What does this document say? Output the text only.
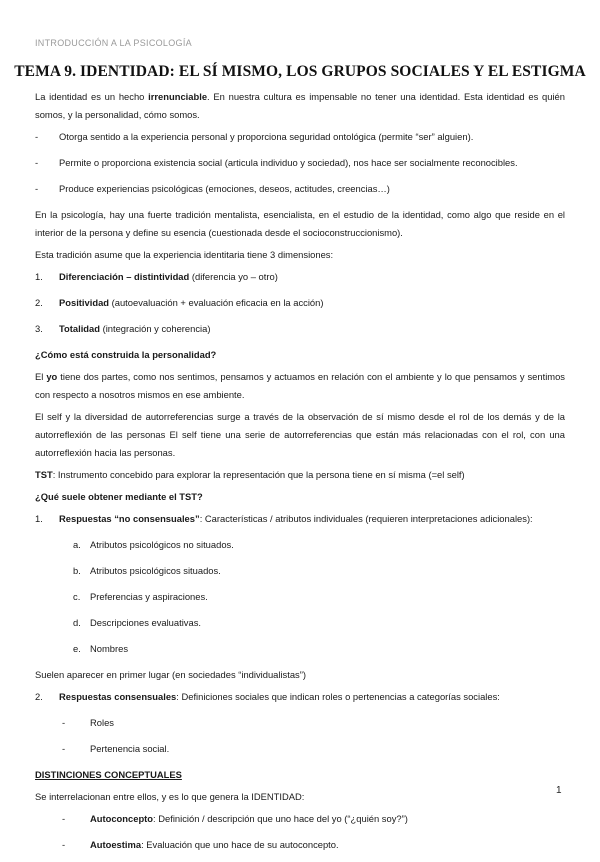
INTRODUCCIÓN A LA PSICOLOGÍA
TEMA 9. IDENTIDAD: EL SÍ MISMO, LOS GRUPOS SOCIALES Y EL ESTIGMA

La identidad es un hecho irrenunciable. En nuestra cultura es impensable no tener una identidad. Esta identidad es quién somos, y la personalidad, cómo somos.

- Otorga sentido a la experiencia personal y proporciona seguridad ontológica (permite “ser” alguien).
- Permite o proporciona existencia social (articula individuo y sociedad), nos hace ser socialmente reconocibles.
- Produce experiencias psicológicas (emociones, deseos, actitudes, creencias…)

En la psicología, hay una fuerte tradición mentalista, esencialista, en el estudio de la identidad, como algo que reside en el interior de la persona y define su esencia (cuestionada desde el socioconstruccionismo).

Esta tradición asume que la experiencia identitaria tiene 3 dimensiones:

1. Diferenciación – distintividad (diferencia yo – otro)
2. Positividad (autoevaluación + evaluación eficacia en la acción)
3. Totalidad (integración y coherencia)

¿Cómo está construida la personalidad?

El yo tiene dos partes, como nos sentimos, pensamos y actuamos en relación con el ambiente y lo que pensamos y sentimos con respecto a nosotros mismos en ese ambiente.

El self y la diversidad de autorreferencias surge a través de la observación de sí mismo desde el rol de los demás y de la autorreflexión de las personas El self tiene una serie de autorreferencias que están más relacionadas con el rol, con una autorreflexión hacia las personas.

TST: Instrumento concebido para explorar la representación que la persona tiene en sí misma (=el self)

¿Qué suele obtener mediante el TST?

1. Respuestas “no consensuales”: Características / atributos individuales (requieren interpretaciones adicionales):
a. Atributos psicológicos no situados.
b. Atributos psicológicos situados.
c. Preferencias y aspiraciones.
d. Descripciones evaluativas.
e. Nombres

Suelen aparecer en primer lugar (en sociedades “individualistas”)

2. Respuestas consensuales: Definiciones sociales que indican roles o pertenencias a categorías sociales:
-	Roles
-	Pertenencia social.

DISTINCIONES CONCEPTUALES

Se interrelacionan entre ellos, y es lo que genera la IDENTIDAD:

-	Autoconcepto: Definición / descripción que uno hace del yo (“¿quién soy?”)
-	Autoestima: Evaluación que uno hace de su autoconcepto.
1
